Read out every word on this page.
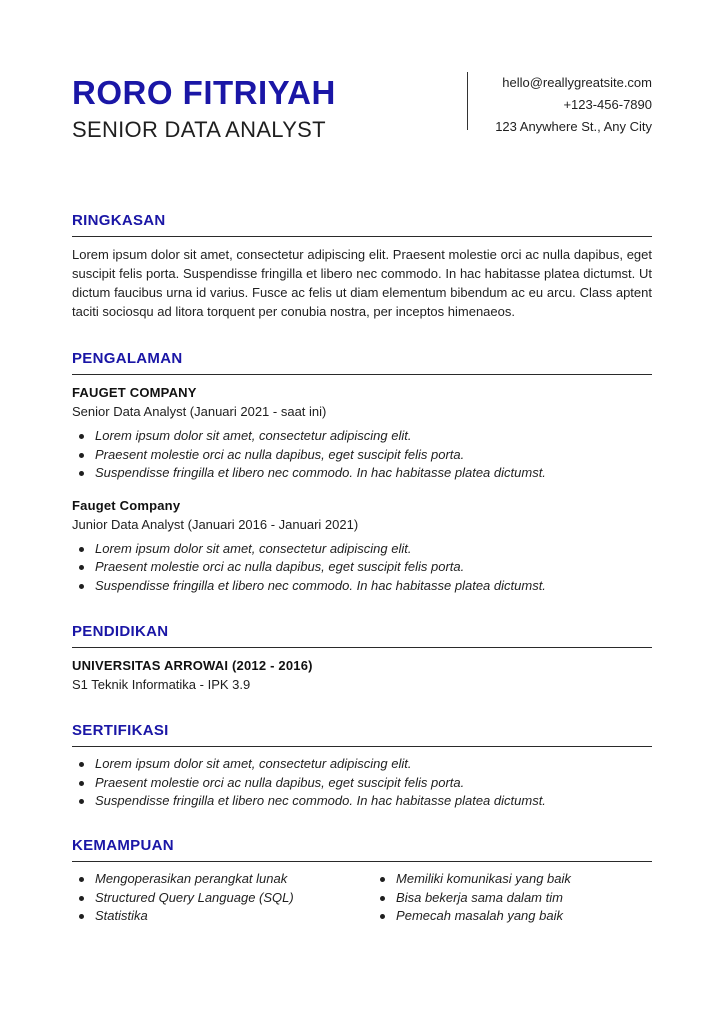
RORO FITRIYAH
SENIOR DATA ANALYST
hello@reallygreatsite.com
+123-456-7890
123 Anywhere St., Any City
RINGKASAN

Lorem ipsum dolor sit amet, consectetur adipiscing elit. Praesent molestie orci ac nulla dapibus, eget suscipit felis porta. Suspendisse fringilla et libero nec commodo. In hac habitasse platea dictumst. Ut dictum faucibus urna id varius. Fusce ac felis ut diam elementum bibendum ac eu arcu. Class aptent taciti sociosqu ad litora torquent per conubia nostra, per inceptos himenaeos.

PENGALAMAN
FAUGET COMPANY
Senior Data Analyst (Januari 2021 - saat ini)
Lorem ipsum dolor sit amet, consectetur adipiscing elit.
Praesent molestie orci ac nulla dapibus, eget suscipit felis porta.
Suspendisse fringilla et libero nec commodo. In hac habitasse platea dictumst.
Fauget Company
Junior Data Analyst (Januari 2016 - Januari 2021)
Lorem ipsum dolor sit amet, consectetur adipiscing elit.
Praesent molestie orci ac nulla dapibus, eget suscipit felis porta.
Suspendisse fringilla et libero nec commodo. In hac habitasse platea dictumst.
PENDIDIKAN
UNIVERSITAS ARROWAI (2012 - 2016)
S1 Teknik Informatika - IPK 3.9
SERTIFIKASI
Lorem ipsum dolor sit amet, consectetur adipiscing elit.
Praesent molestie orci ac nulla dapibus, eget suscipit felis porta.
Suspendisse fringilla et libero nec commodo. In hac habitasse platea dictumst.
KEMAMPUAN
Mengoperasikan perangkat lunak
Structured Query Language (SQL)
Statistika
Memiliki komunikasi yang baik
Bisa bekerja sama dalam tim
Pemecah masalah yang baik
